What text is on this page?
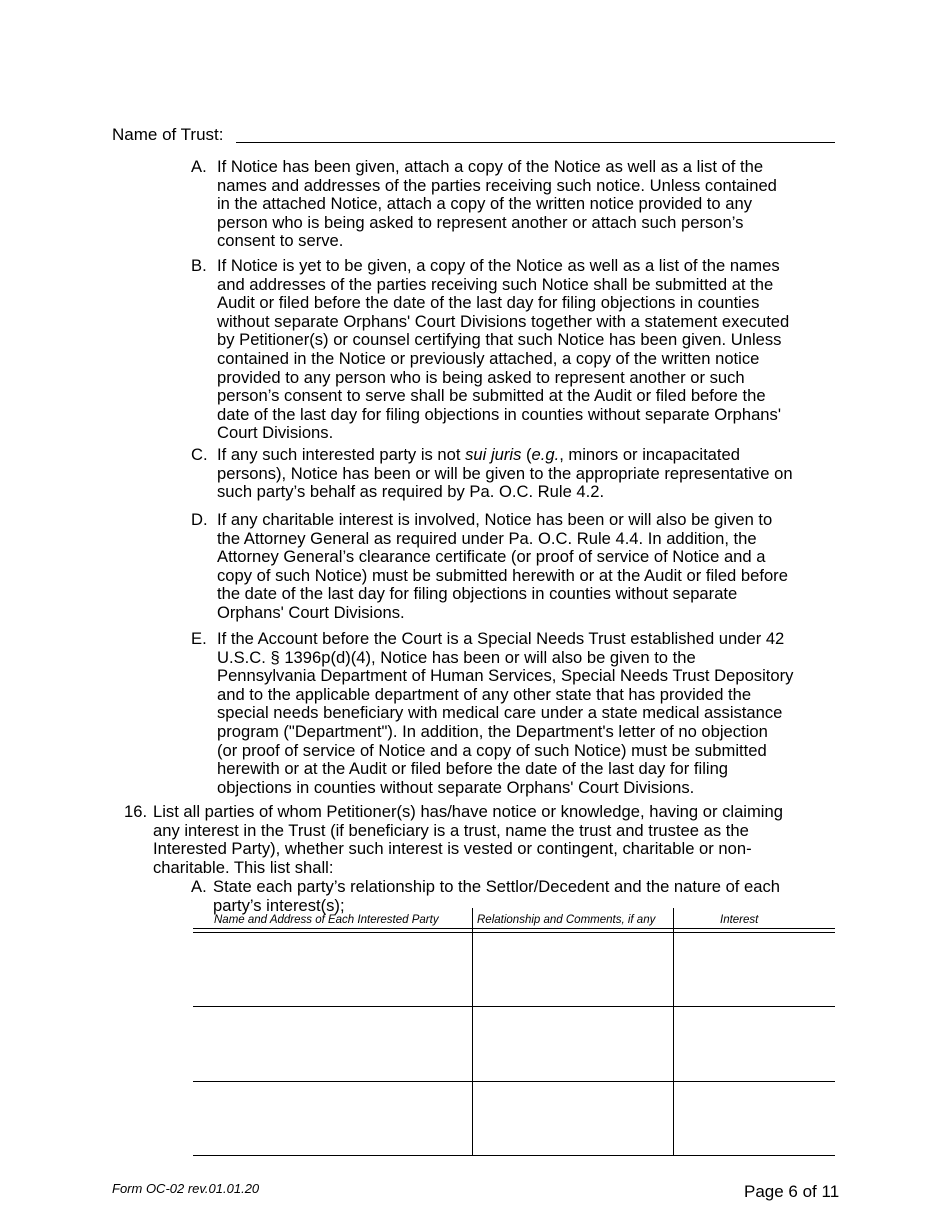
Name of Trust:
A. If Notice has been given, attach a copy of the Notice as well as a list of the
names and addresses of the parties receiving such notice. Unless contained
in the attached Notice, attach a copy of the written notice provided to any
person who is being asked to represent another or attach such person’s
consent to serve.
B. If Notice is yet to be given, a copy of the Notice as well as a list of the names
and addresses of the parties receiving such Notice shall be submitted at the
Audit or filed before the date of the last day for filing objections in counties
without separate Orphans' Court Divisions together with a statement executed
by Petitioner(s) or counsel certifying that such Notice has been given. Unless
contained in the Notice or previously attached, a copy of the written notice
provided to any person who is being asked to represent another or such
person’s consent to serve shall be submitted at the Audit or filed before the
date of the last day for filing objections in counties without separate Orphans'
Court Divisions.
C. If any such interested party is not sui juris (e.g., minors or incapacitated
persons), Notice has been or will be given to the appropriate representative on
such party’s behalf as required by Pa. O.C. Rule 4.2.
D. If any charitable interest is involved, Notice has been or will also be given to
the Attorney General as required under Pa. O.C. Rule 4.4. In addition, the
Attorney General’s clearance certificate (or proof of service of Notice and a
copy of such Notice) must be submitted herewith or at the Audit or filed before
the date of the last day for filing objections in counties without separate
Orphans' Court Divisions.
E. If the Account before the Court is a Special Needs Trust established under 42
U.S.C. § 1396p(d)(4), Notice has been or will also be given to the
Pennsylvania Department of Human Services, Special Needs Trust Depository
and to the applicable department of any other state that has provided the
special needs beneficiary with medical care under a state medical assistance
program ("Department"). In addition, the Department's letter of no objection
(or proof of service of Notice and a copy of such Notice) must be submitted
herewith or at the Audit or filed before the date of the last day for filing
objections in counties without separate Orphans' Court Divisions.
16. List all parties of whom Petitioner(s) has/have notice or knowledge, having or claiming
any interest in the Trust (if beneficiary is a trust, name the trust and trustee as the
Interested Party), whether such interest is vested or contingent, charitable or non-
charitable. This list shall:
A. State each party’s relationship to the Settlor/Decedent and the nature of each
party’s interest(s);
Name and Address of Each Interested Party	Relationship and Comments, if any	Interest
Form OC-02 rev.01.01.20	Page 6 of 11
